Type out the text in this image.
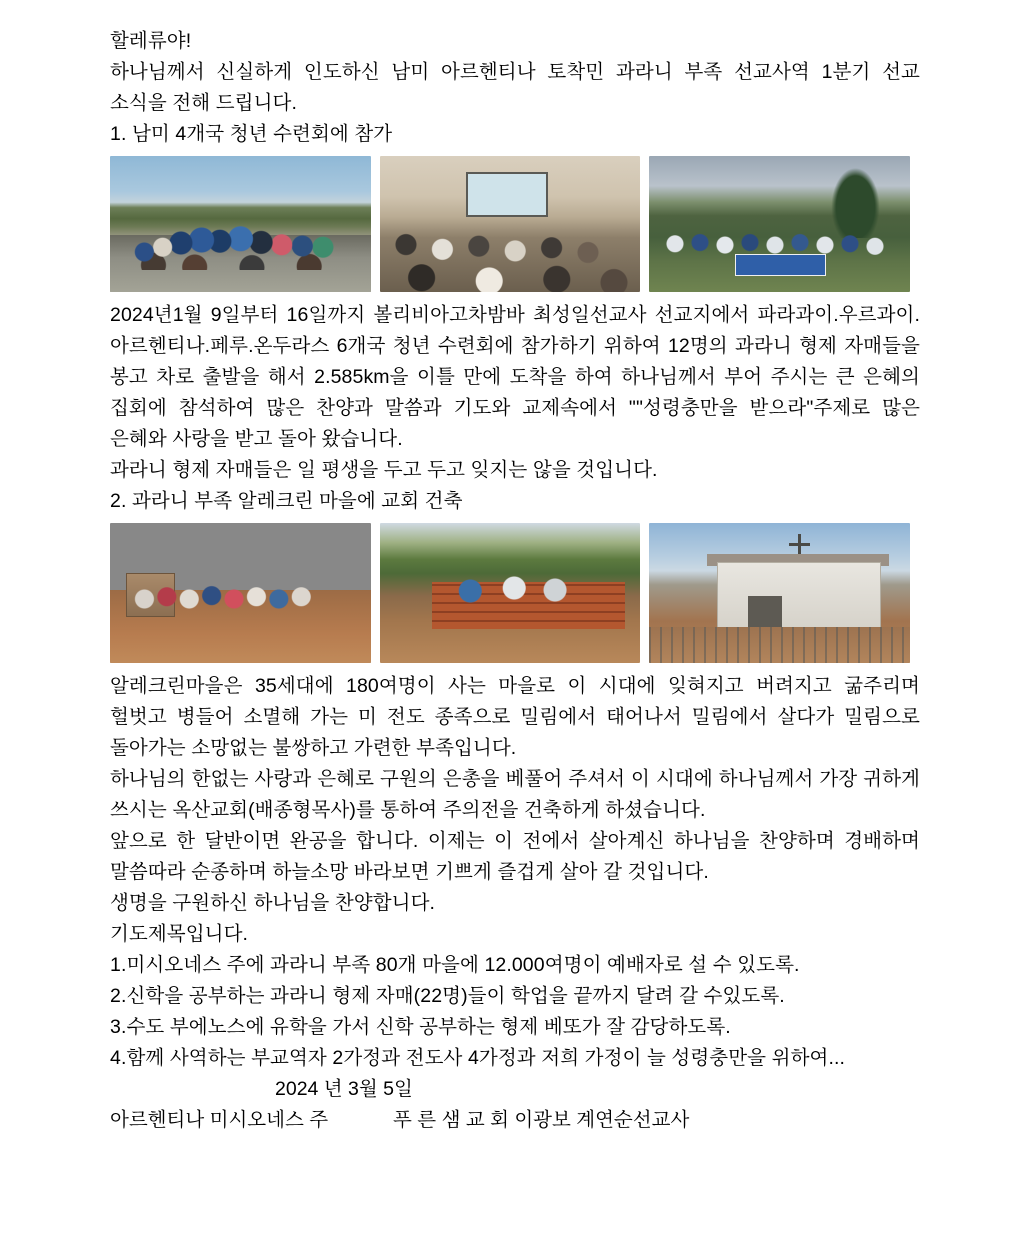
할레류야!

하나님께서 신실하게 인도하신 남미 아르헨티나 토착민 과라니 부족 선교사역 1분기 선교 소식을 전해 드립니다.

1. 남미 4개국 청년 수련회에 참가

2024년1월 9일부터 16일까지 볼리비아고차밤바 최성일선교사 선교지에서 파라과이.우르과이.아르헨티나.페루.온두라스 6개국 청년 수련회에 참가하기 위하여 12명의 과라니 형제 자매들을 봉고 차로 출발을 해서 2.585km을 이틀 만에 도착을 하여 하나님께서 부어 주시는 큰 은혜의 집회에 참석하여 많은 찬양과 말씀과 기도와 교제속에서 ""성령충만을 받으라"주제로 많은 은혜와 사랑을 받고 돌아 왔습니다.

과라니 형제 자매들은 일 평생을 두고 두고 잊지는 않을 것입니다.
2. 과라니 부족 알레크린 마을에 교회 건축

알레크린마을은 35세대에 180여명이 사는 마을로 이 시대에 잊혀지고 버려지고 굶주리며 헐벗고 병들어 소멸해 가는 미 전도 종족으로 밀림에서 태어나서 밀림에서 살다가 밀림으로 돌아가는 소망없는 불쌍하고 가련한 부족입니다.

하나님의 한없는 사랑과 은혜로 구원의 은총을 베풀어 주셔서 이 시대에 하나님께서 가장 귀하게 쓰시는 옥산교회(배종형목사)를 통하여 주의전을 건축하게 하셨습니다.

앞으로 한 달반이면 완공을 합니다. 이제는 이 전에서 살아계신 하나님을 찬양하며 경배하며 말씀따라 순종하며 하늘소망 바라보면 기쁘게 즐겁게 살아 갈 것입니다.

생명을 구원하신 하나님을 찬양합니다.
기도제목입니다.
1.미시오네스 주에 과라니 부족 80개 마을에 12.000여명이 예배자로 설 수 있도록.
2.신학을 공부하는 과라니 형제 자매(22명)들이 학업을 끝까지 달려 갈 수있도록.
3.수도 부에노스에 유학을 가서 신학 공부하는 형제 베또가 잘 감당하도록.
4.함께 사역하는 부교역자 2가정과 전도사 4가정과 저희 가정이 늘 성령충만을 위하여...
2024 년 3월 5일
아르헨티나 미시오네스 주            푸 른 샘 교 회 이광보 계연순선교사
